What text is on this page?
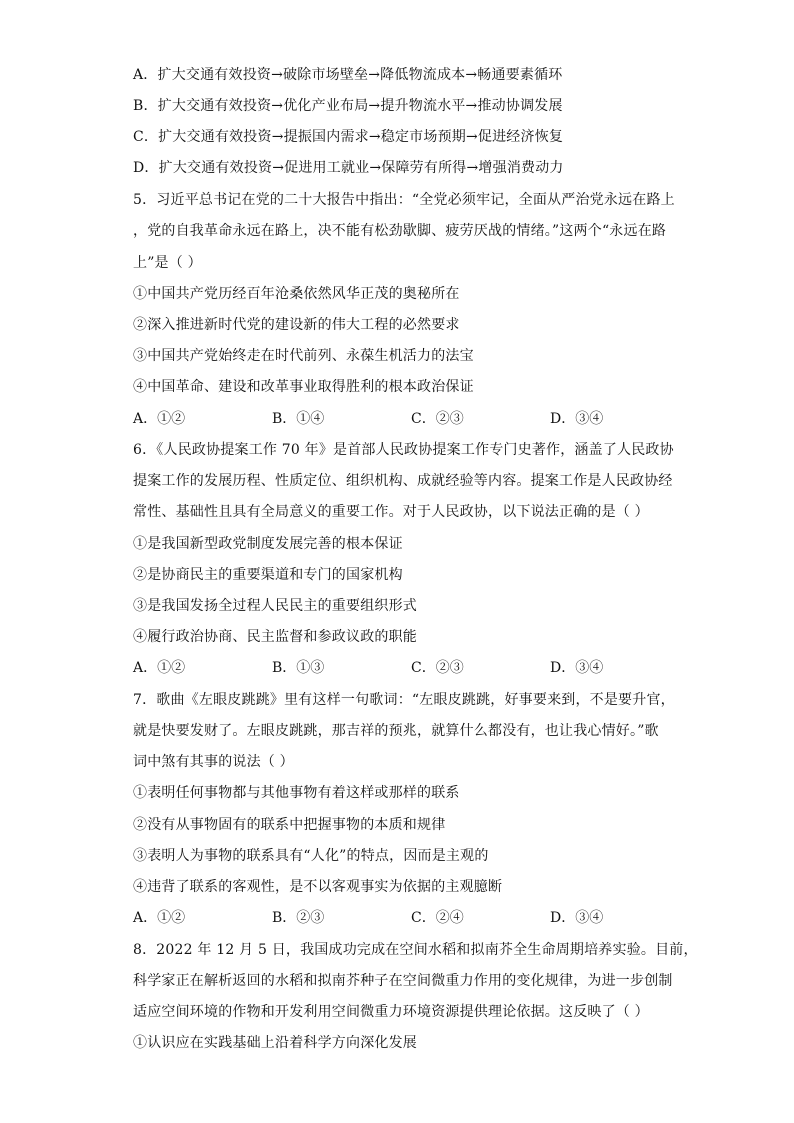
A．扩大交通有效投资→破除市场壁垒→降低物流成本→畅通要素循环
B．扩大交通有效投资→优化产业布局→提升物流水平→推动协调发展
C．扩大交通有效投资→提振国内需求→稳定市场预期→促进经济恢复
D．扩大交通有效投资→促进用工就业→保障劳有所得→增强消费动力
5．习近平总书记在党的二十大报告中指出：“全党必须牢记，全面从严治党永远在路上
，党的自我革命永远在路上，决不能有松劲歇脚、疲劳厌战的情绪。”这两个“永远在路
上”是（ ）
①中国共产党历经百年沧桑依然风华正茂的奥秘所在
②深入推进新时代党的建设新的伟大工程的必然要求
③中国共产党始终走在时代前列、永葆生机活力的法宝
④中国革命、建设和改革事业取得胜利的根本政治保证
A．①②	B．①④	C．②③	D．③④
6．《人民政协提案工作 70 年》是首部人民政协提案工作专门史著作，涵盖了人民政协
提案工作的发展历程、性质定位、组织机构、成就经验等内容。提案工作是人民政协经
常性、基础性且具有全局意义的重要工作。对于人民政协，以下说法正确的是（ ）
①是我国新型政党制度发展完善的根本保证
②是协商民主的重要渠道和专门的国家机构
③是我国发扬全过程人民民主的重要组织形式
④履行政治协商、民主监督和参政议政的职能
A．①②	B．①③	C．②③	D．③④
7．歌曲《左眼皮跳跳》里有这样一句歌词：“左眼皮跳跳，好事要来到，不是要升官，
就是快要发财了。左眼皮跳跳，那吉祥的预兆，就算什么都没有，也让我心情好。”歌
词中煞有其事的说法（ ）
①表明任何事物都与其他事物有着这样或那样的联系
②没有从事物固有的联系中把握事物的本质和规律
③表明人为事物的联系具有“人化”的特点，因而是主观的
④违背了联系的客观性，是不以客观事实为依据的主观臆断
A．①②	B．②③	C．②④	D．③④
8．2022 年 12 月 5 日，我国成功完成在空间水稻和拟南芥全生命周期培养实验。目前，
科学家正在解析返回的水稻和拟南芥种子在空间微重力作用的变化规律，为进一步创制
适应空间环境的作物和开发利用空间微重力环境资源提供理论依据。这反映了（ ）
①认识应在实践基础上沿着科学方向深化发展
